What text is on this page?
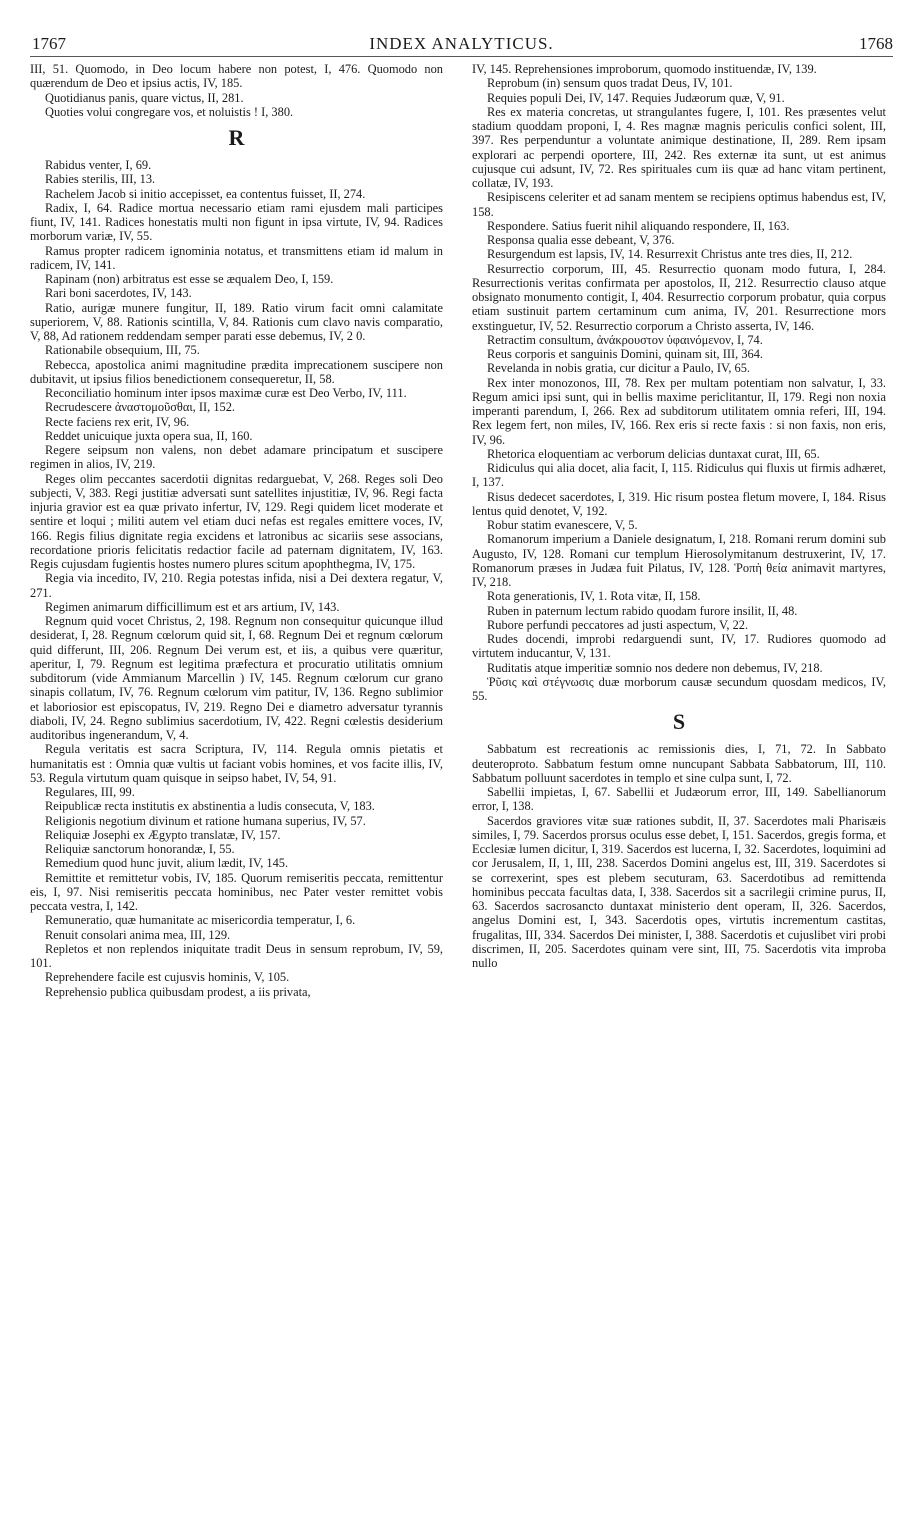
1767	INDEX ANALYTICUS.	1768

III, 51. Quomodo, in Deo locum habere non potest, I, 476. Quomodo non quærendum de Deo et ipsius actis, IV, 185.

Quotidianus panis, quare victus, II, 281.

Quoties volui congregare vos, et noluistis ! I, 380.

R

Rabidus venter, I, 69.

Rabies sterilis, III, 13.

Rachelem Jacob si initio accepisset, ea contentus fuisset, II, 274.

Radix, I, 64. Radice mortua necessario etiam rami ejusdem mali participes fiunt, IV, 141. Radices honestatis multi non figunt in ipsa virtute, IV, 94. Radices morborum variæ, IV, 55.

Ramus propter radicem ignominia notatus, et transmittens etiam id malum in radicem, IV, 141.

Rapinam (non) arbitratus est esse se æqualem Deo, I, 159.

Rari boni sacerdotes, IV, 143.

Ratio, aurigæ munere fungitur, II, 189. Ratio virum facit omni calamitate superiorem, V, 88. Rationis scintilla, V, 84. Rationis cum clavo navis comparatio, V, 88, Ad rationem reddendam semper parati esse debemus, IV, 2 0.

Rationabile obsequium, III, 75.

Rebecca, apostolica animi magnitudine prædita imprecationem suscipere non dubitavit, ut ipsius filios benedictionem consequeretur, II, 58.

Reconciliatio hominum inter ipsos maximæ curæ est Deo Verbo, IV, 111.

Recrudescere ἀναστομοῦσθαι, II, 152.

Recte faciens rex erit, IV, 96.

Reddet unicuique juxta opera sua, II, 160.

Regere seipsum non valens, non debet adamare principatum et suscipere regimen in alios, IV, 219.

Reges olim peccantes sacerdotii dignitas redarguebat, V, 268. Reges soli Deo subjecti, V, 383. Regi justitiæ adversati sunt satellites injustitiæ, IV, 96. Regi facta injuria gravior est ea quæ privato infertur, IV, 129. Regi quidem licet moderate et sentire et loqui ; militi autem vel etiam duci nefas est regales emittere voces, IV, 166. Regis filius dignitate regia excidens et latronibus ac sicariis sese associans, recordatione prioris felicitatis redactior facile ad paternam dignitatem, IV, 163. Regis cujusdam fugientis hostes numero plures scitum apophthegma, IV, 175.

Regia via incedito, IV, 210. Regia potestas infida, nisi a Dei dextera regatur, V, 271.

Regimen animarum difficillimum est et ars artium, IV, 143.

Regnum quid vocet Christus, 2, 198. Regnum non consequitur quicunque illud desiderat, I, 28. Regnum cœlorum quid sit, I, 68. Regnum Dei et regnum cœlorum quid differunt, III, 206. Regnum Dei verum est, et iis, a quibus vere quæritur, aperitur, I, 79. Regnum est legitima præfectura et procuratio utilitatis omnium subditorum (vide Ammianum Marcellin ) IV, 145. Regnum cœlorum cur grano sinapis collatum, IV, 76. Regnum cœlorum vim patitur, IV, 136. Regno sublimior et laboriosior est episcopatus, IV, 219. Regno Dei e diametro adversatur tyrannis diaboli, IV, 24. Regno sublimius sacerdotium, IV, 422. Regni cœlestis desiderium auditoribus ingenerandum, V, 4.

Regula veritatis est sacra Scriptura, IV, 114. Regula omnis pietatis et humanitatis est : Omnia quæ vultis ut faciant vobis homines, et vos facite illis, IV, 53. Regula virtutum quam quisque in seipso habet, IV, 54, 91.

Regulares, III, 99.

Reipublicæ recta institutis ex abstinentia a ludis consecuta, V, 183.

Religionis negotium divinum et ratione humana superius, IV, 57.

Reliquiæ Josephi ex Ægypto translatæ, IV, 157.

Reliquiæ sanctorum honorandæ, I, 55.

Remedium quod hunc juvit, alium lædit, IV, 145.

Remittite et remittetur vobis, IV, 185. Quorum remiseritis peccata, remittentur eis, I, 97. Nisi remiseritis peccata hominibus, nec Pater vester remittet vobis peccata vestra, I, 142.

Remuneratio, quæ humanitate ac misericordia temperatur, I, 6.

Renuit consolari anima mea, III, 129.

Repletos et non replendos iniquitate tradit Deus in sensum reprobum, IV, 59, 101.

Reprehendere facile est cujusvis hominis, V, 105.

Reprehensio publica quibusdam prodest, a iis privata,

IV, 145. Reprehensiones improborum, quomodo instituendæ, IV, 139.

Reprobum (in) sensum quos tradat Deus, IV, 101.

Requies populi Dei, IV, 147. Requies Judæorum quæ, V, 91.

Res ex materia concretas, ut strangulantes fugere, I, 101. Res præsentes velut stadium quoddam proponi, I, 4. Res magnæ magnis periculis confici solent, III, 397. Res perpenduntur a voluntate animique destinatione, II, 289. Rem ipsam explorari ac perpendi oportere, III, 242. Res externæ ita sunt, ut est animus cujusque cui adsunt, IV, 72. Res spirituales cum iis quæ ad hanc vitam pertinent, collatæ, IV, 193.

Resipiscens celeriter et ad sanam mentem se recipiens optimus habendus est, IV, 158.

Respondere. Satius fuerit nihil aliquando respondere, II, 163.

Responsa qualia esse debeant, V, 376.

Resurgendum est lapsis, IV, 14. Resurrexit Christus ante tres dies, II, 212.

Resurrectio corporum, III, 45. Resurrectio quonam modo futura, I, 284. Resurrectionis veritas confirmata per apostolos, II, 212. Resurrectio clauso atque obsignato monumento contigit, I, 404. Resurrectio corporum probatur, quia corpus etiam sustinuit partem certaminum cum anima, IV, 201. Resurrectione mors exstinguetur, IV, 52. Resurrectio corporum a Christo asserta, IV, 146.

Retractim consultum, ἀνάκρουστον ὑφαινόμενον, I, 74.

Reus corporis et sanguinis Domini, quinam sit, III, 364.

Revelanda in nobis gratia, cur dicitur a Paulo, IV, 65.

Rex inter monozonos, III, 78. Rex per multam potentiam non salvatur, I, 33. Regum amici ipsi sunt, qui in bellis maxime periclitantur, II, 179. Regi non noxia imperanti parendum, I, 266. Rex ad subditorum utilitatem omnia referi, III, 194. Rex legem fert, non miles, IV, 166. Rex eris si recte faxis : si non faxis, non eris, IV, 96.

Rhetorica eloquentiam ac verborum delicias duntaxat curat, III, 65.

Ridiculus qui alia docet, alia facit, I, 115. Ridiculus qui fluxis ut firmis adhæret, I, 137.

Risus dedecet sacerdotes, I, 319. Hic risum postea fletum movere, I, 184. Risus lentus quid denotet, V, 192.

Robur statim evanescere, V, 5.

Romanorum imperium a Daniele designatum, I, 218. Romani rerum domini sub Augusto, IV, 128. Romani cur templum Hierosolymitanum destruxerint, IV, 17. Romanorum præses in Judæa fuit Pilatus, IV, 128. Ῥοπὴ θεία animavit martyres, IV, 218.

Rota generationis, IV, 1. Rota vitæ, II, 158.

Ruben in paternum lectum rabido quodam furore insilit, II, 48.

Rubore perfundi peccatores ad justi aspectum, V, 22.

Rudes docendi, improbi redarguendi sunt, IV, 17. Rudiores quomodo ad virtutem inducantur, V, 131.

Ruditatis atque imperitiæ somnio nos dedere non debemus, IV, 218.

Ῥῦσις καὶ στέγνωσις duæ morborum causæ secundum quosdam medicos, IV, 55.

S

Sabbatum est recreationis ac remissionis dies, I, 71, 72. In Sabbato deuteroproto. Sabbatum festum omne nuncupant Sabbata Sabbatorum, III, 110. Sabbatum polluunt sacerdotes in templo et sine culpa sunt, I, 72.

Sabellii impietas, I, 67. Sabellii et Judæorum error, III, 149. Sabellianorum error, I, 138.

Sacerdos graviores vitæ suæ rationes subdit, II, 37. Sacerdotes mali Pharisæis similes, I, 79. Sacerdos prorsus oculus esse debet, I, 151. Sacerdos, gregis forma, et Ecclesiæ lumen dicitur, I, 319. Sacerdos est lucerna, I, 32. Sacerdotes, loquimini ad cor Jerusalem, II, 1, III, 238. Sacerdos Domini angelus est, III, 319. Sacerdotes si se correxerint, spes est plebem secuturam, 63. Sacerdotibus ad remittenda hominibus peccata facultas data, I, 338. Sacerdos sit a sacrilegii crimine purus, II, 63. Sacerdos sacrosancto duntaxat ministerio dent operam, II, 326. Sacerdos, angelus Domini est, I, 343. Sacerdotis opes, virtutis incrementum castitas, frugalitas, III, 334. Sacerdos Dei minister, I, 388. Sacerdotis et cujuslibet viri probi discrimen, II, 205. Sacerdotes quinam vere sint, III, 75. Sacerdotis vita improba nullo
